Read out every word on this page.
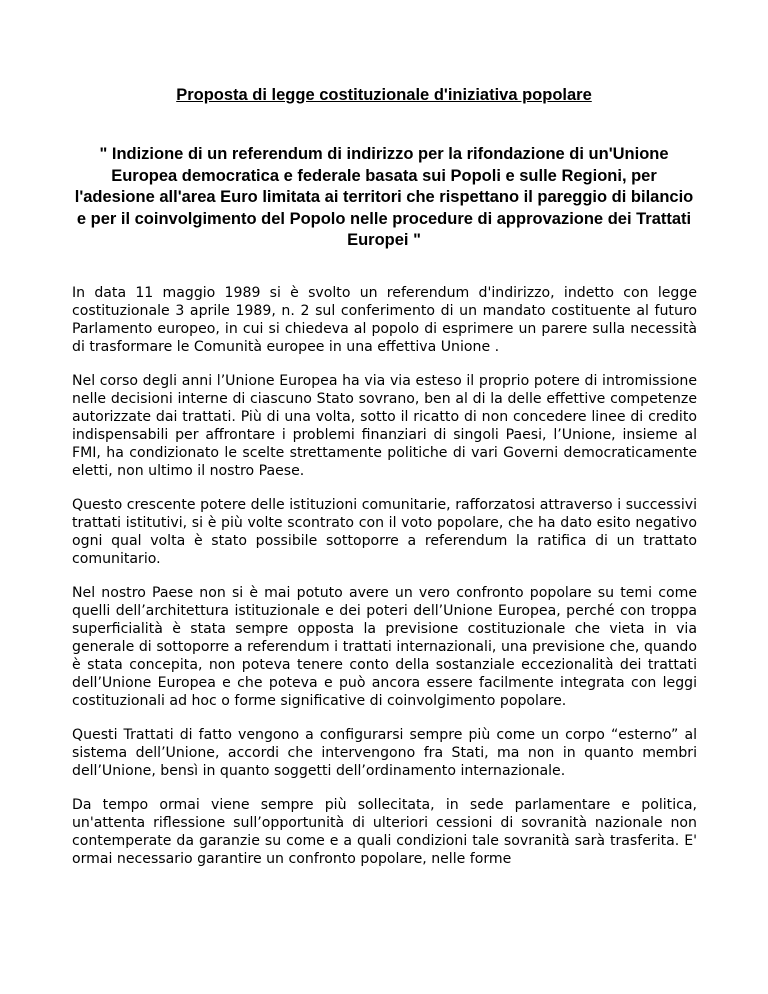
Proposta di legge costituzionale d'iniziativa popolare
" Indizione di un referendum di indirizzo per la rifondazione di un'Unione Europea democratica e federale basata sui Popoli e sulle Regioni, per l'adesione all'area Euro limitata ai territori che rispettano il pareggio di bilancio e per il coinvolgimento del Popolo nelle procedure di approvazione dei Trattati Europei "

In data 11 maggio 1989 si è svolto un referendum d'indirizzo, indetto con legge costituzionale 3 aprile 1989, n. 2 sul conferimento di un mandato costituente al futuro Parlamento europeo, in cui si chiedeva al popolo di esprimere un parere sulla necessità di trasformare le Comunità europee in una effettiva Unione .

Nel corso degli anni l’Unione Europea ha via via esteso il proprio potere di intromissione nelle decisioni interne di ciascuno Stato sovrano, ben al di la delle effettive competenze autorizzate dai trattati. Più di una volta, sotto il ricatto di non concedere linee di credito indispensabili per affrontare i problemi finanziari di singoli Paesi, l’Unione, insieme al FMI, ha condizionato le scelte strettamente politiche di vari Governi democraticamente eletti, non ultimo il nostro Paese.

Questo crescente potere delle istituzioni comunitarie, rafforzatosi attraverso i successivi trattati istitutivi, si è più volte scontrato con il voto popolare, che ha dato esito negativo ogni qual volta è stato possibile sottoporre a referendum la ratifica di un trattato comunitario.

Nel nostro Paese non si è mai potuto avere un vero confronto popolare su temi come quelli dell’architettura istituzionale e dei poteri dell’Unione Europea, perché con troppa superficialità è stata sempre opposta la previsione costituzionale che vieta in via generale di sottoporre a referendum i trattati internazionali, una previsione che, quando è stata concepita, non poteva tenere conto della sostanziale eccezionalità dei trattati dell’Unione Europea e che poteva e può ancora essere facilmente integrata con leggi costituzionali ad hoc o forme significative di coinvolgimento popolare.

Questi Trattati di fatto vengono a configurarsi sempre più come un corpo “esterno” al sistema dell’Unione, accordi che intervengono fra Stati, ma non in quanto membri dell’Unione, bensì in quanto soggetti dell’ordinamento internazionale.

Da tempo ormai viene sempre più sollecitata, in sede parlamentare e politica, un'attenta riflessione sull’opportunità di ulteriori cessioni di sovranità nazionale non contemperate da garanzie su come e a quali condizioni tale sovranità sarà trasferita. E' ormai necessario garantire un confronto popolare, nelle forme
